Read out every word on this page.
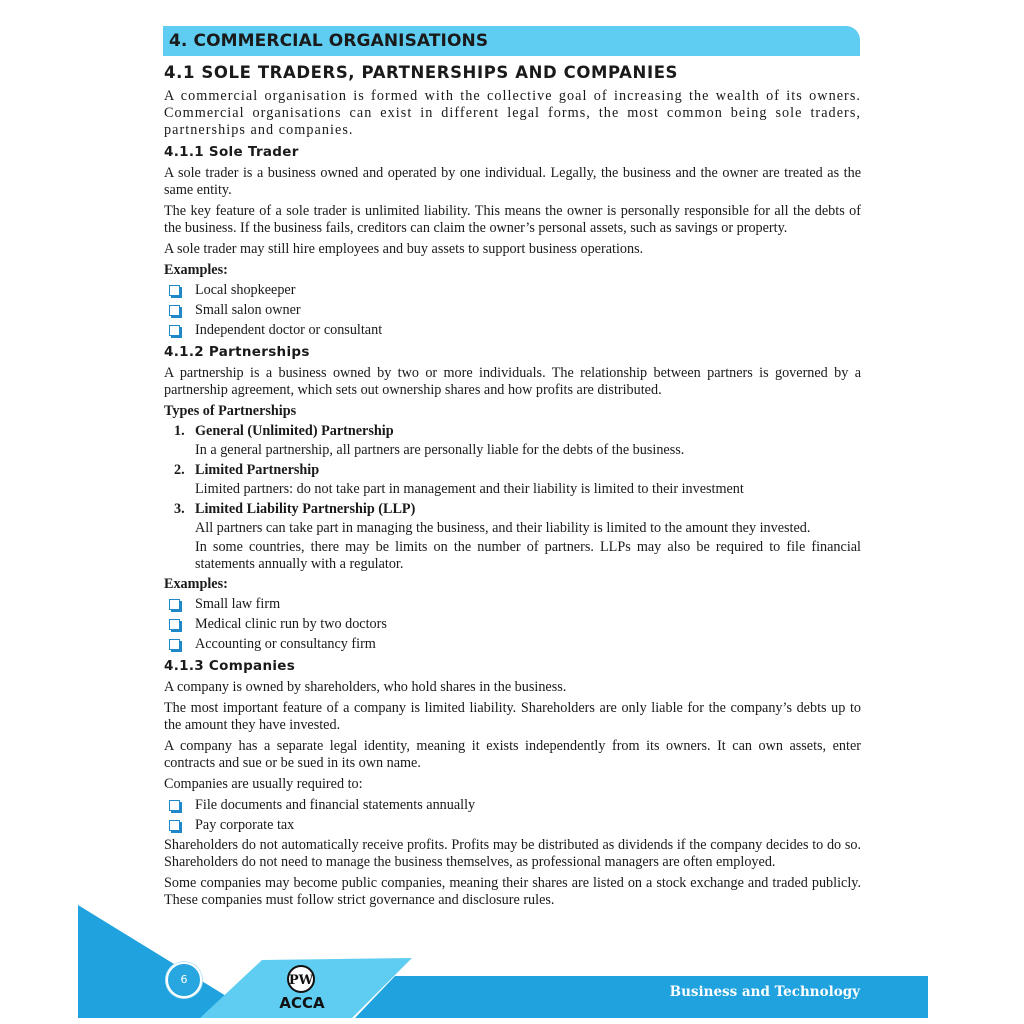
4. COMMERCIAL ORGANISATIONS
4.1 SOLE TRADERS, PARTNERSHIPS AND COMPANIES

A commercial organisation is formed with the collective goal of increasing the wealth of its owners. Commercial organisations can exist in different legal forms, the most common being sole traders, partnerships and companies.

4.1.1 Sole Trader

A sole trader is a business owned and operated by one individual. Legally, the business and the owner are treated as the same entity.

The key feature of a sole trader is unlimited liability. This means the owner is personally responsible for all the debts of the business. If the business fails, creditors can claim the owner’s personal assets, such as savings or property.

A sole trader may still hire employees and buy assets to support business operations.

Examples:
Local shopkeeper
Small salon owner
Independent doctor or consultant
4.1.2 Partnerships

A partnership is a business owned by two or more individuals. The relationship between partners is governed by a partnership agreement, which sets out ownership shares and how profits are distributed.

Types of Partnerships
1. General (Unlimited) Partnership

In a general partnership, all partners are personally liable for the debts of the business.

2. Limited Partnership

Limited partners: do not take part in management and their liability is limited to their investment

3. Limited Liability Partnership (LLP)

All partners can take part in managing the business, and their liability is limited to the amount they invested.

In some countries, there may be limits on the number of partners. LLPs may also be required to file financial statements annually with a regulator.

Examples:
Small law firm
Medical clinic run by two doctors
Accounting or consultancy firm
4.1.3 Companies

A company is owned by shareholders, who hold shares in the business.

The most important feature of a company is limited liability. Shareholders are only liable for the company’s debts up to the amount they have invested.

A company has a separate legal identity, meaning it exists independently from its owners. It can own assets, enter contracts and sue or be sued in its own name.

Companies are usually required to:

File documents and financial statements annually
Pay corporate tax

Shareholders do not automatically receive profits. Profits may be distributed as dividends if the company decides to do so. Shareholders do not need to manage the business themselves, as professional managers are often employed.

Some companies may become public companies, meaning their shares are listed on a stock exchange and traded publicly. These companies must follow strict governance and disclosure rules.

6	PW
ACCA
Business and Technology
